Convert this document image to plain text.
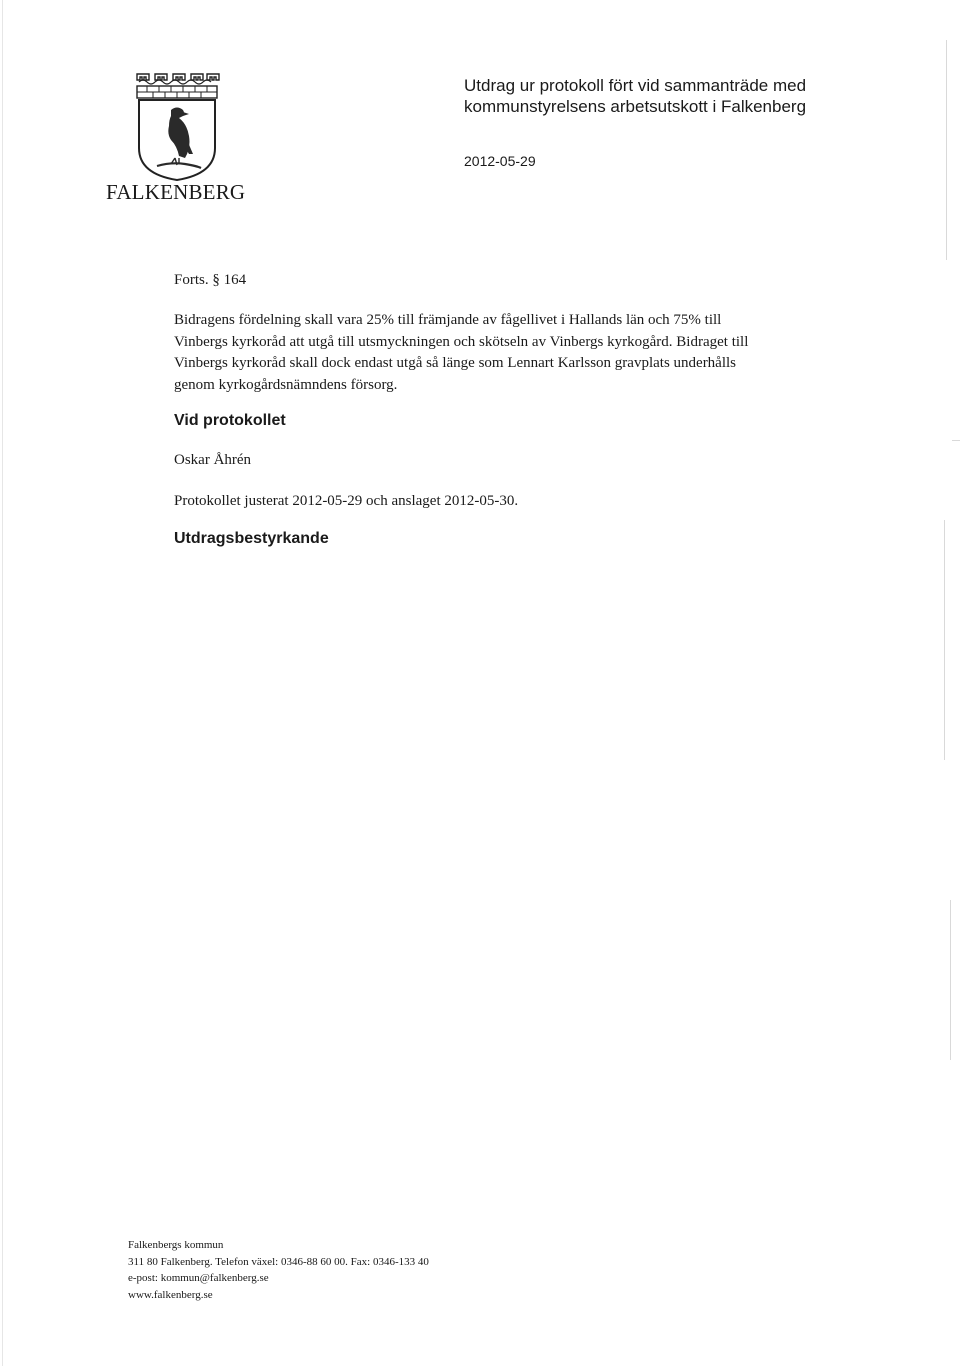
FALKENBERG
Utdrag ur protokoll fört vid sammanträde med
kommunstyrelsens arbetsutskott i Falkenberg
2012-05-29
Forts. § 164
Bidragens fördelning skall vara 25% till främjande av fågellivet i Hallands län och 75% till
Vinbergs kyrkoråd att utgå till utsmyckningen och skötseln av Vinbergs kyrkogård. Bidraget till
Vinbergs kyrkoråd skall dock endast utgå så länge som Lennart Karlsson gravplats underhålls
genom kyrkogårdsnämndens försorg.
Vid protokollet
Oskar Åhrén
Protokollet justerat 2012-05-29 och anslaget 2012-05-30.
Utdragsbestyrkande
Falkenbergs kommun
311 80 Falkenberg. Telefon växel: 0346-88 60 00. Fax: 0346-133 40
e-post: kommun@falkenberg.se
www.falkenberg.se
